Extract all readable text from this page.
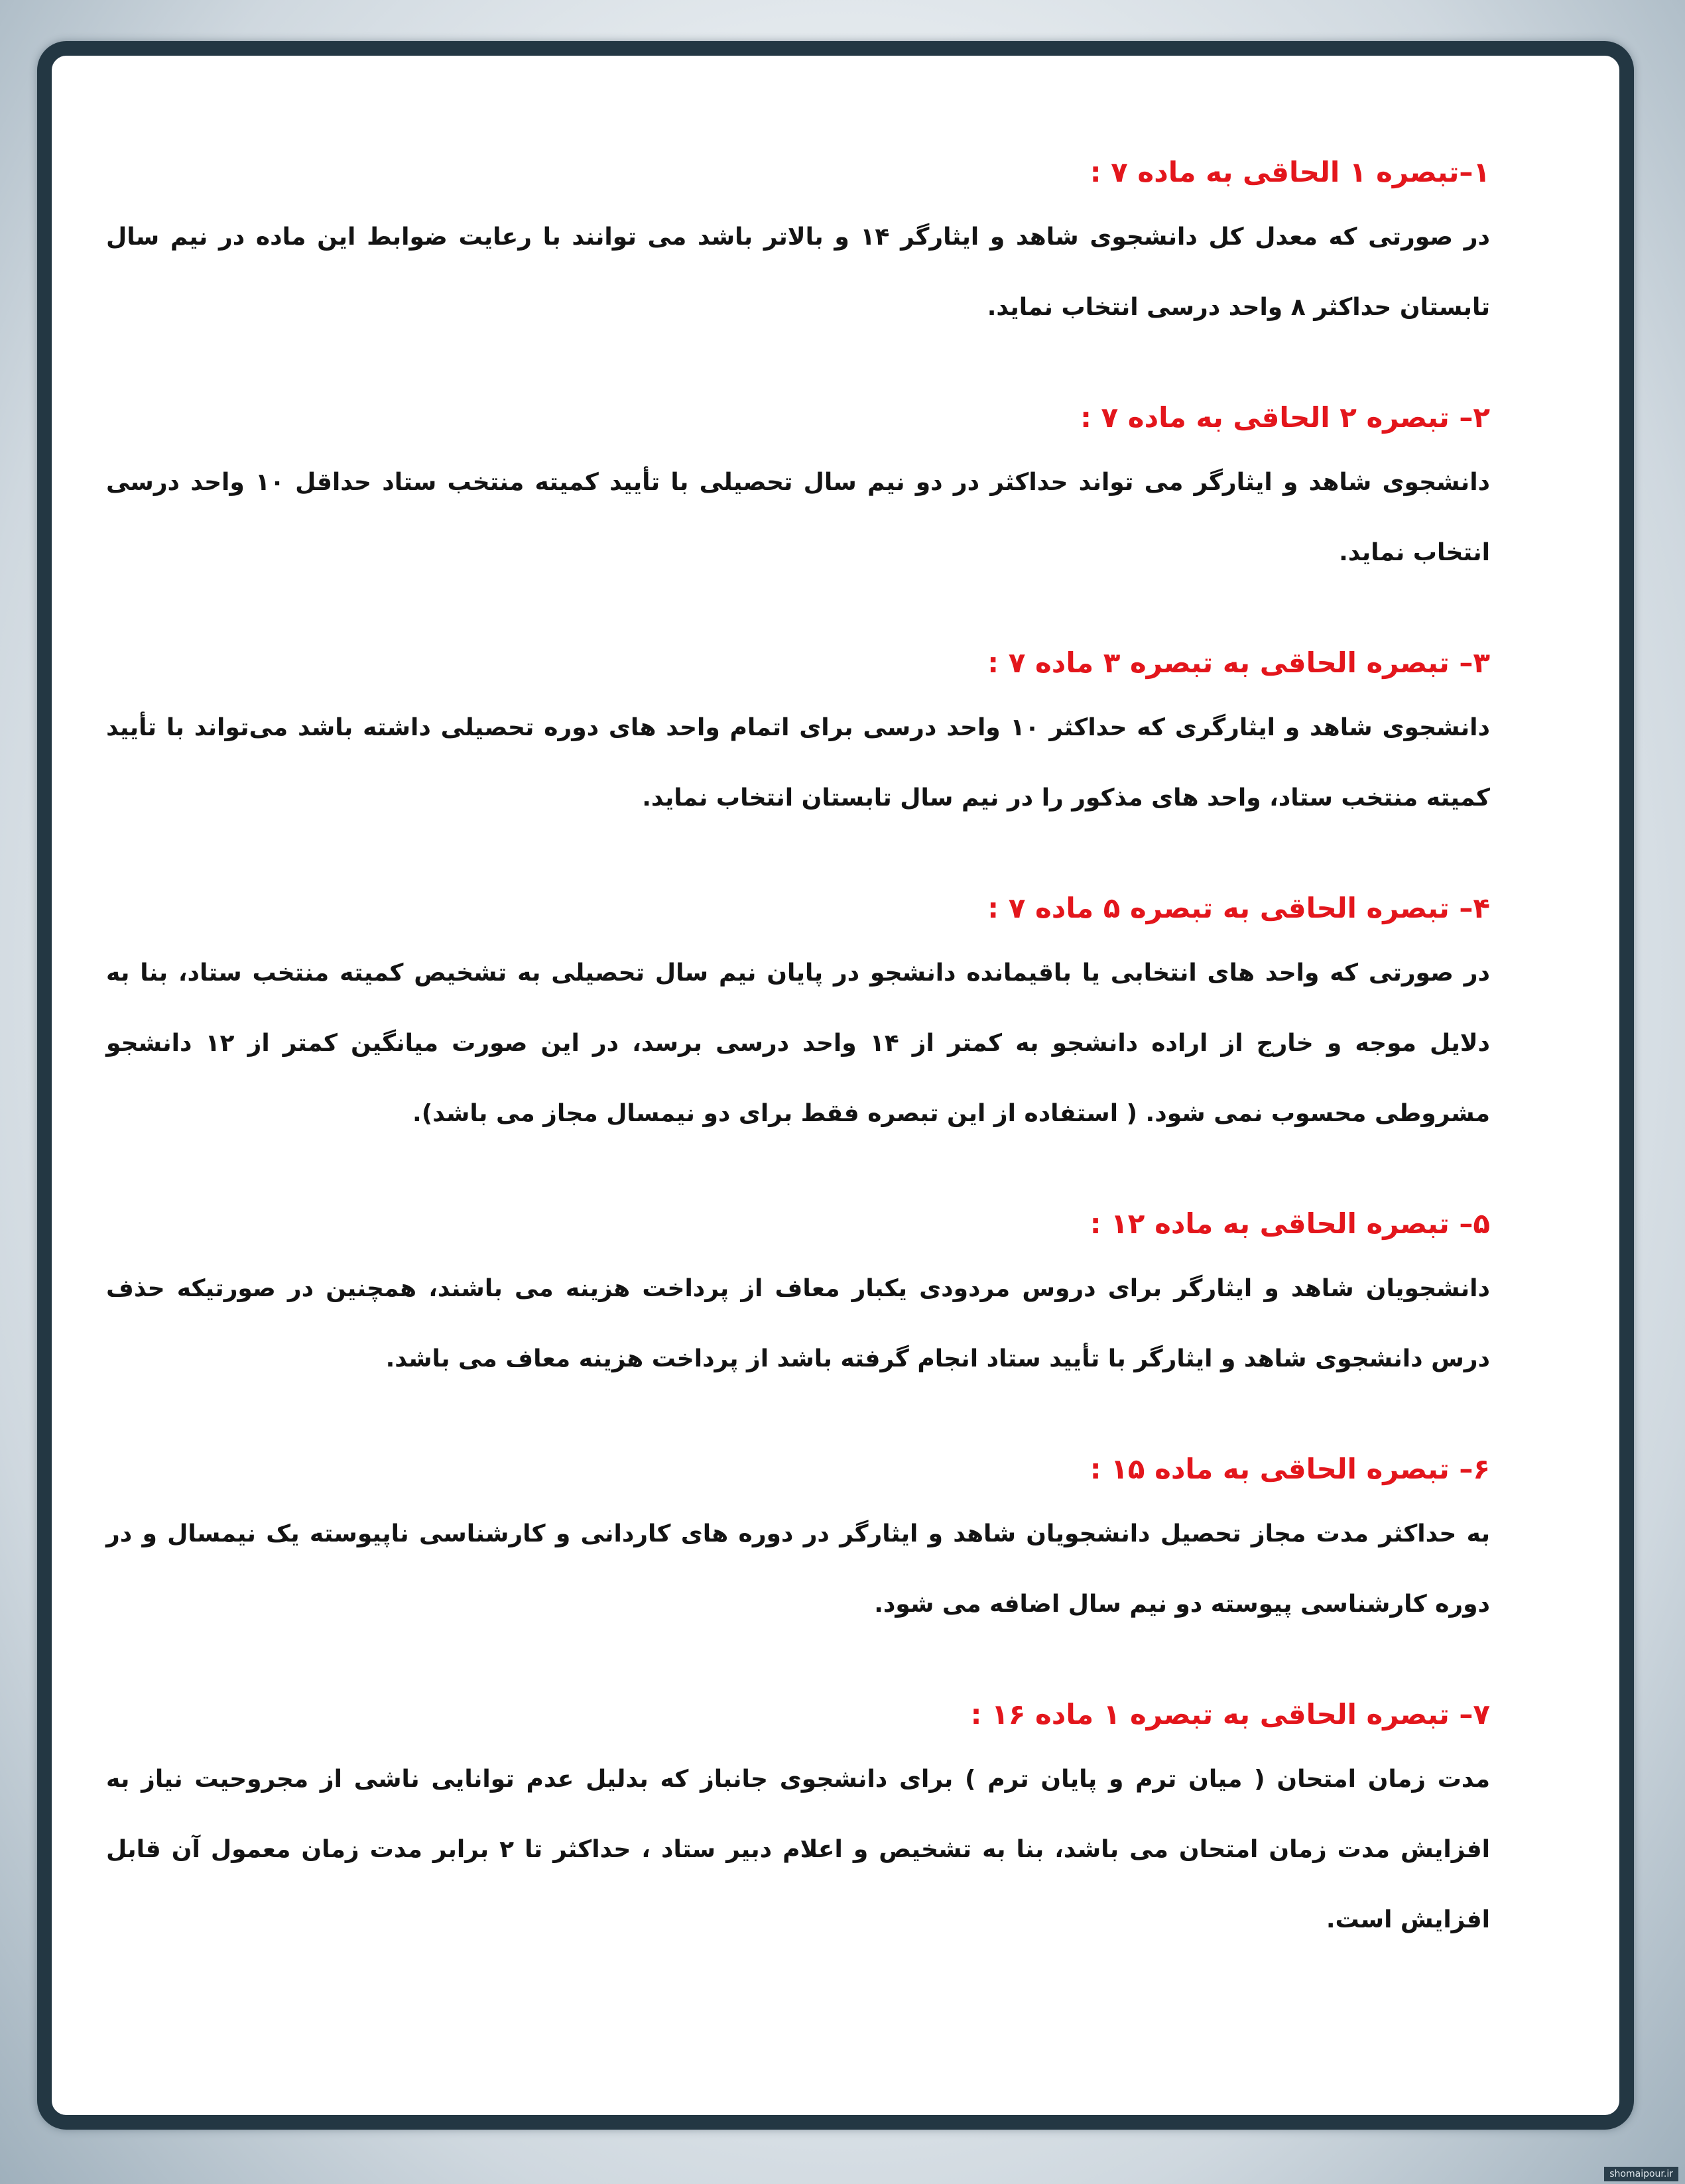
۱–تبصره ۱ الحاقی به ماده ۷ :

در صورتی که معدل کل دانشجوی شاهد و ایثارگر ۱۴ و بالاتر باشد می توانند با رعایت ضوابط این ماده در نیم سال تابستان حداکثر ۸ واحد درسی انتخاب نماید.

۲– تبصره ۲ الحاقی به ماده ۷ :

دانشجوی شاهد و ایثارگر می تواند حداکثر در دو نیم سال تحصیلی با تأیید کمیته منتخب ستاد حداقل ۱۰ واحد درسی انتخاب نماید.

۳– تبصره الحاقی به تبصره ۳ ماده ۷ :

دانشجوی شاهد و ایثارگری که حداکثر ۱۰ واحد درسی برای اتمام واحد های دوره تحصیلی داشته باشد می‌تواند با تأیید کمیته منتخب ستاد، واحد های مذکور را در نیم سال تابستان انتخاب نماید.

۴– تبصره الحاقی به تبصره ۵ ماده ۷ :

در صورتی که واحد های انتخابی یا باقیمانده دانشجو در پایان نیم سال تحصیلی به تشخیص کمیته منتخب ستاد، بنا به دلایل موجه و خارج از اراده دانشجو به کمتر از ۱۴ واحد درسی برسد، در این صورت میانگین کمتر از ۱۲ دانشجو مشروطی محسوب نمی شود. ( استفاده از این تبصره فقط برای دو نیمسال مجاز می باشد).

۵– تبصره الحاقی به ماده ۱۲ :

دانشجویان شاهد و ایثارگر برای دروس مردودی یکبار معاف از پرداخت هزینه می باشند، همچنین در صورتیکه حذف درس دانشجوی شاهد و ایثارگر با تأیید ستاد انجام گرفته باشد از پرداخت هزینه معاف می باشد.

۶– تبصره الحاقی به ماده ۱۵ :

به حداکثر مدت مجاز تحصیل دانشجویان شاهد و ایثارگر در دوره های کاردانی و کارشناسی ناپیوسته یک نیمسال و در دوره کارشناسی پیوسته دو نیم سال اضافه می شود.

۷– تبصره الحاقی به تبصره ۱ ماده ۱۶ :

مدت زمان امتحان ( میان ترم و پایان ترم ) برای دانشجوی جانباز که بدلیل عدم توانایی ناشی از مجروحیت نیاز به افزایش مدت زمان امتحان می باشد، بنا به تشخیص و اعلام دبیر ستاد ، حداکثر تا ۲ برابر مدت زمان معمول آن قابل افزایش است.

shomaipour.ir
